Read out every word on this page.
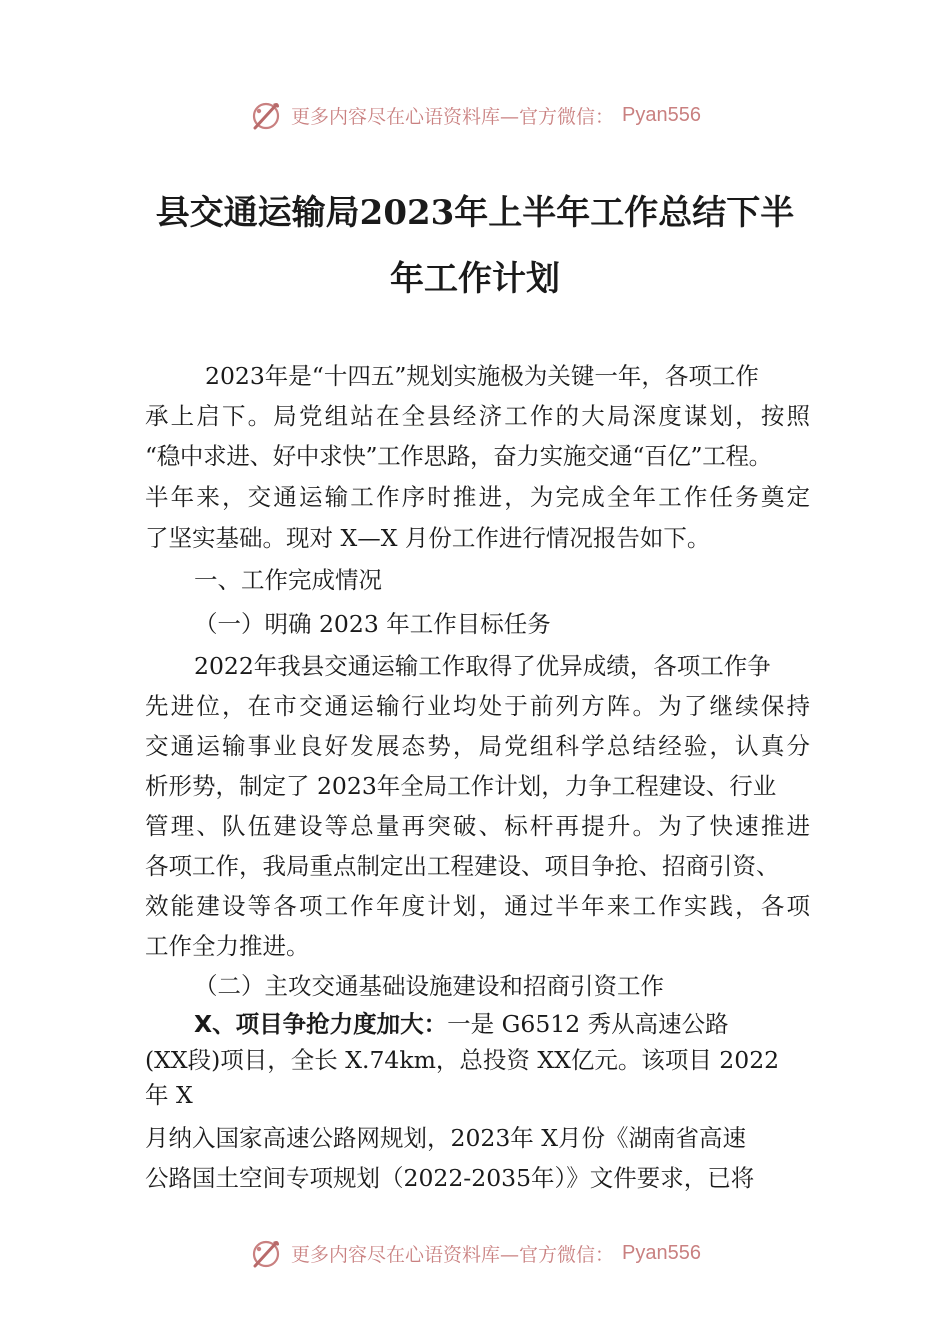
更多内容尽在心语资料库—官方微信： Pyan556
县交通运输局2023年上半年工作总结下半
年工作计划
2023年是“十四五”规划实施极为关键一年，各项工作
承上启下。局党组站在全县经济工作的大局深度谋划，按照
“稳中求进、好中求快”工作思路，奋力实施交通“百亿”工程。
半年来，交通运输工作序时推进，为完成全年工作任务奠定
了坚实基础。现对 X—X 月份工作进行情况报告如下。
一、工作完成情况
（一）明确 2023 年工作目标任务
2022年我县交通运输工作取得了优异成绩，各项工作争
先进位，在市交通运输行业均处于前列方阵。为了继续保持
交通运输事业良好发展态势，局党组科学总结经验，认真分
析形势，制定了 2023年全局工作计划，力争工程建设、行业
管理、队伍建设等总量再突破、标杆再提升。为了快速推进
各项工作，我局重点制定出工程建设、项目争抢、招商引资、
效能建设等各项工作年度计划，通过半年来工作实践，各项
工作全力推进。
（二）主攻交通基础设施建设和招商引资工作
X、项目争抢力度加大：一是 G6512 秀从高速公路
(XX段)项目，全长 X.74km，总投资 XX亿元。该项目 2022
年 X
月纳入国家高速公路网规划，2023年 X月份《湖南省高速
公路国土空间专项规划（2022-2035年）》文件要求，已将
更多内容尽在心语资料库—官方微信： Pyan556
